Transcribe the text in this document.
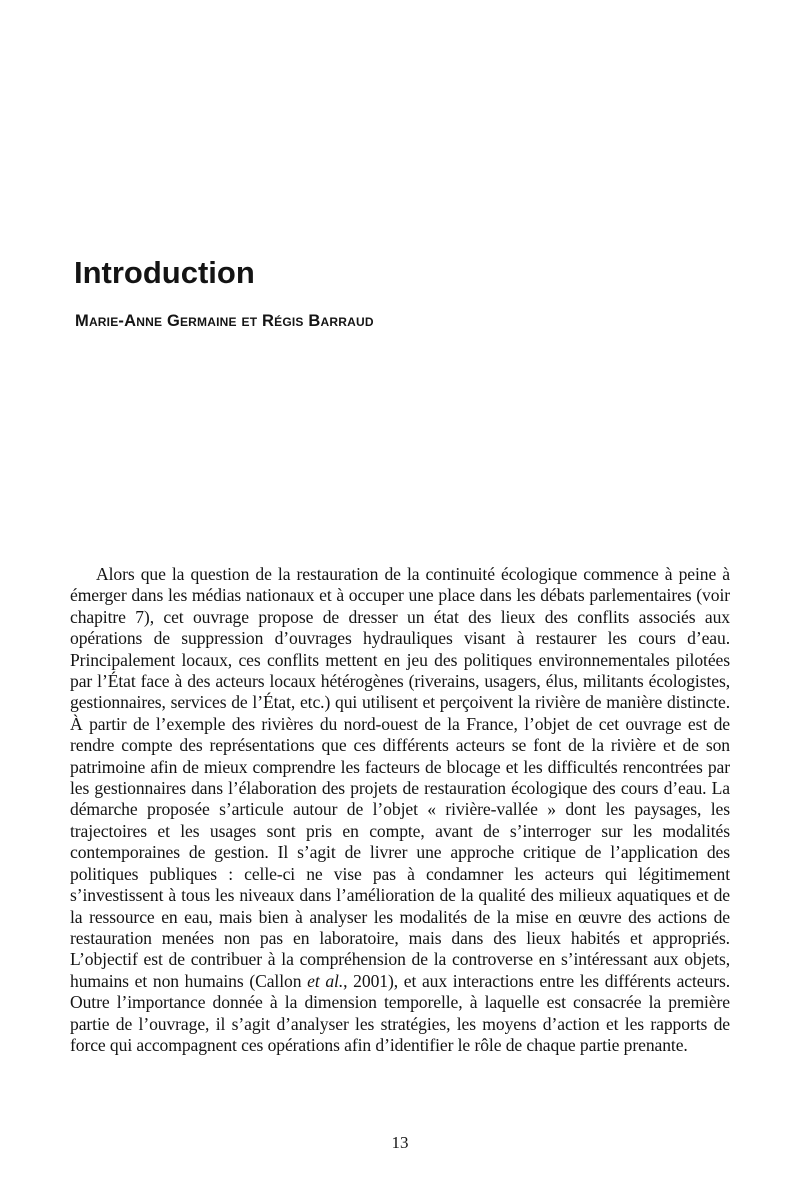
Introduction
Marie-Anne Germaine et Régis Barraud

Alors que la question de la restauration de la continuité écologique commence à peine à émerger dans les médias nationaux et à occuper une place dans les débats parlementaires (voir chapitre 7), cet ouvrage propose de dresser un état des lieux des conflits associés aux opérations de suppression d’ouvrages hydrauliques visant à restaurer les cours d’eau. Principalement locaux, ces conflits mettent en jeu des politiques environnementales pilotées par l’État face à des acteurs locaux hétérogènes (riverains, usagers, élus, militants écologistes, gestionnaires, services de l’État, etc.) qui utilisent et perçoivent la rivière de manière distincte. À partir de l’exemple des rivières du nord-ouest de la France, l’objet de cet ouvrage est de rendre compte des représentations que ces différents acteurs se font de la rivière et de son patrimoine afin de mieux comprendre les facteurs de blocage et les difficultés rencontrées par les gestionnaires dans l’élaboration des projets de restauration écologique des cours d’eau. La démarche proposée s’articule autour de l’objet « rivière-vallée » dont les paysages, les trajectoires et les usages sont pris en compte, avant de s’interroger sur les modalités contemporaines de gestion. Il s’agit de livrer une approche critique de l’application des politiques publiques : celle-ci ne vise pas à condamner les acteurs qui légitimement s’investissent à tous les niveaux dans l’amélioration de la qualité des milieux aquatiques et de la ressource en eau, mais bien à analyser les modalités de la mise en œuvre des actions de restauration menées non pas en laboratoire, mais dans des lieux habités et appropriés. L’objectif est de contribuer à la compréhension de la controverse en s’intéressant aux objets, humains et non humains (Callon et al., 2001), et aux interactions entre les différents acteurs. Outre l’importance donnée à la dimension temporelle, à laquelle est consacrée la première partie de l’ouvrage, il s’agit d’analyser les stratégies, les moyens d’action et les rapports de force qui accompagnent ces opérations afin d’identifier le rôle de chaque partie prenante.

13
